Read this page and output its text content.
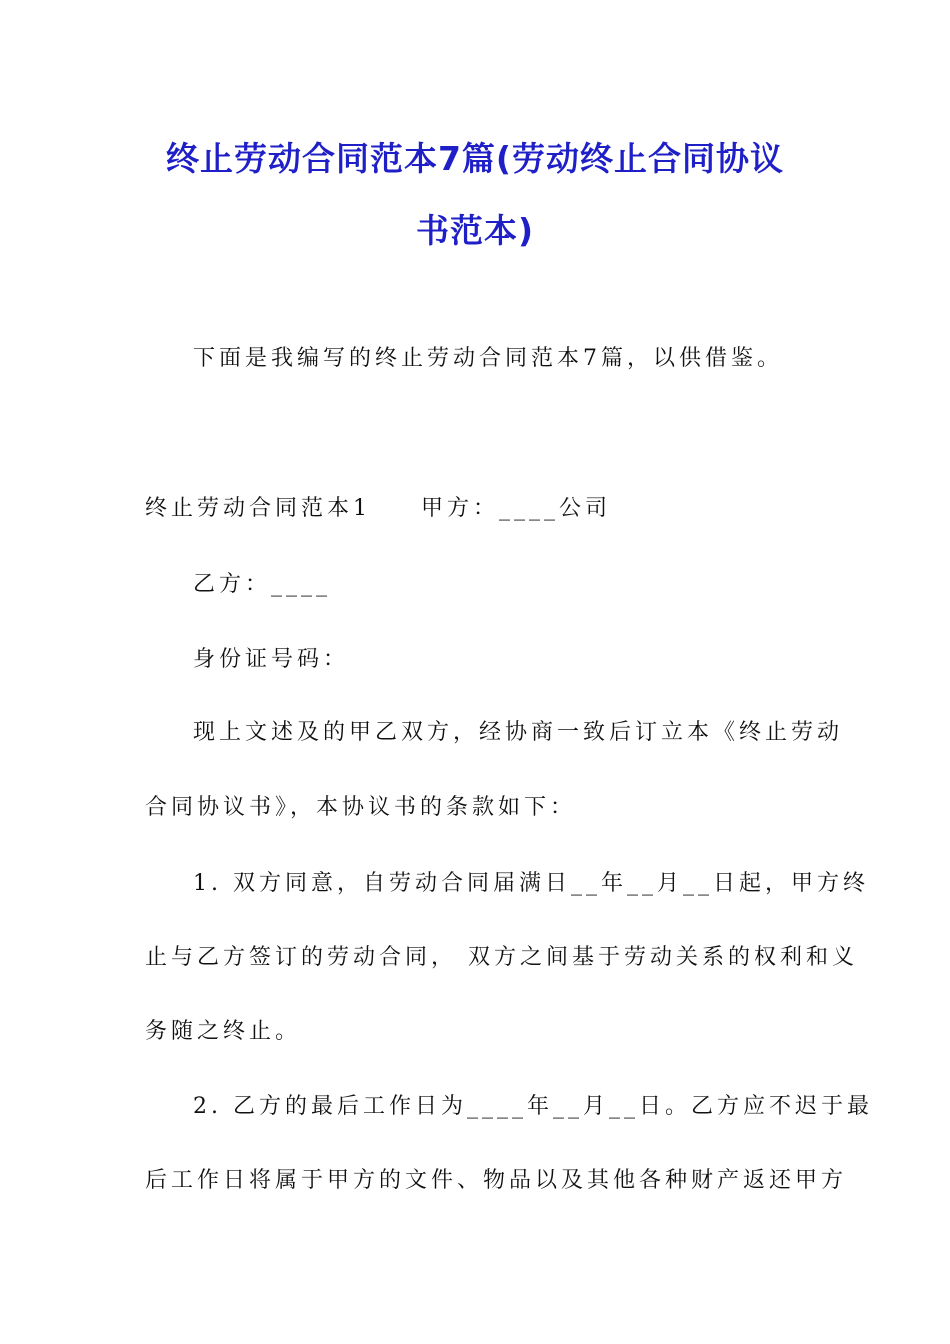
终止劳动合同范本7篇(劳动终止合同协议
书范本)

下面是我编写的终止劳动合同范本7篇，以供借鉴。

终止劳动合同范本1 甲方：____公司

乙方：____

身份证号码：

现上文述及的甲乙双方，经协商一致后订立本《终止劳动

合同协议书》，本协议书的条款如下：

1. 双方同意，自劳动合同届满日__年__月__日起，甲方终

止与乙方签订的劳动合同， 双方之间基于劳动关系的权利和义

务随之终止。

2. 乙方的最后工作日为____年__月__日。乙方应不迟于最

后工作日将属于甲方的文件、物品以及其他各种财产返还甲方
